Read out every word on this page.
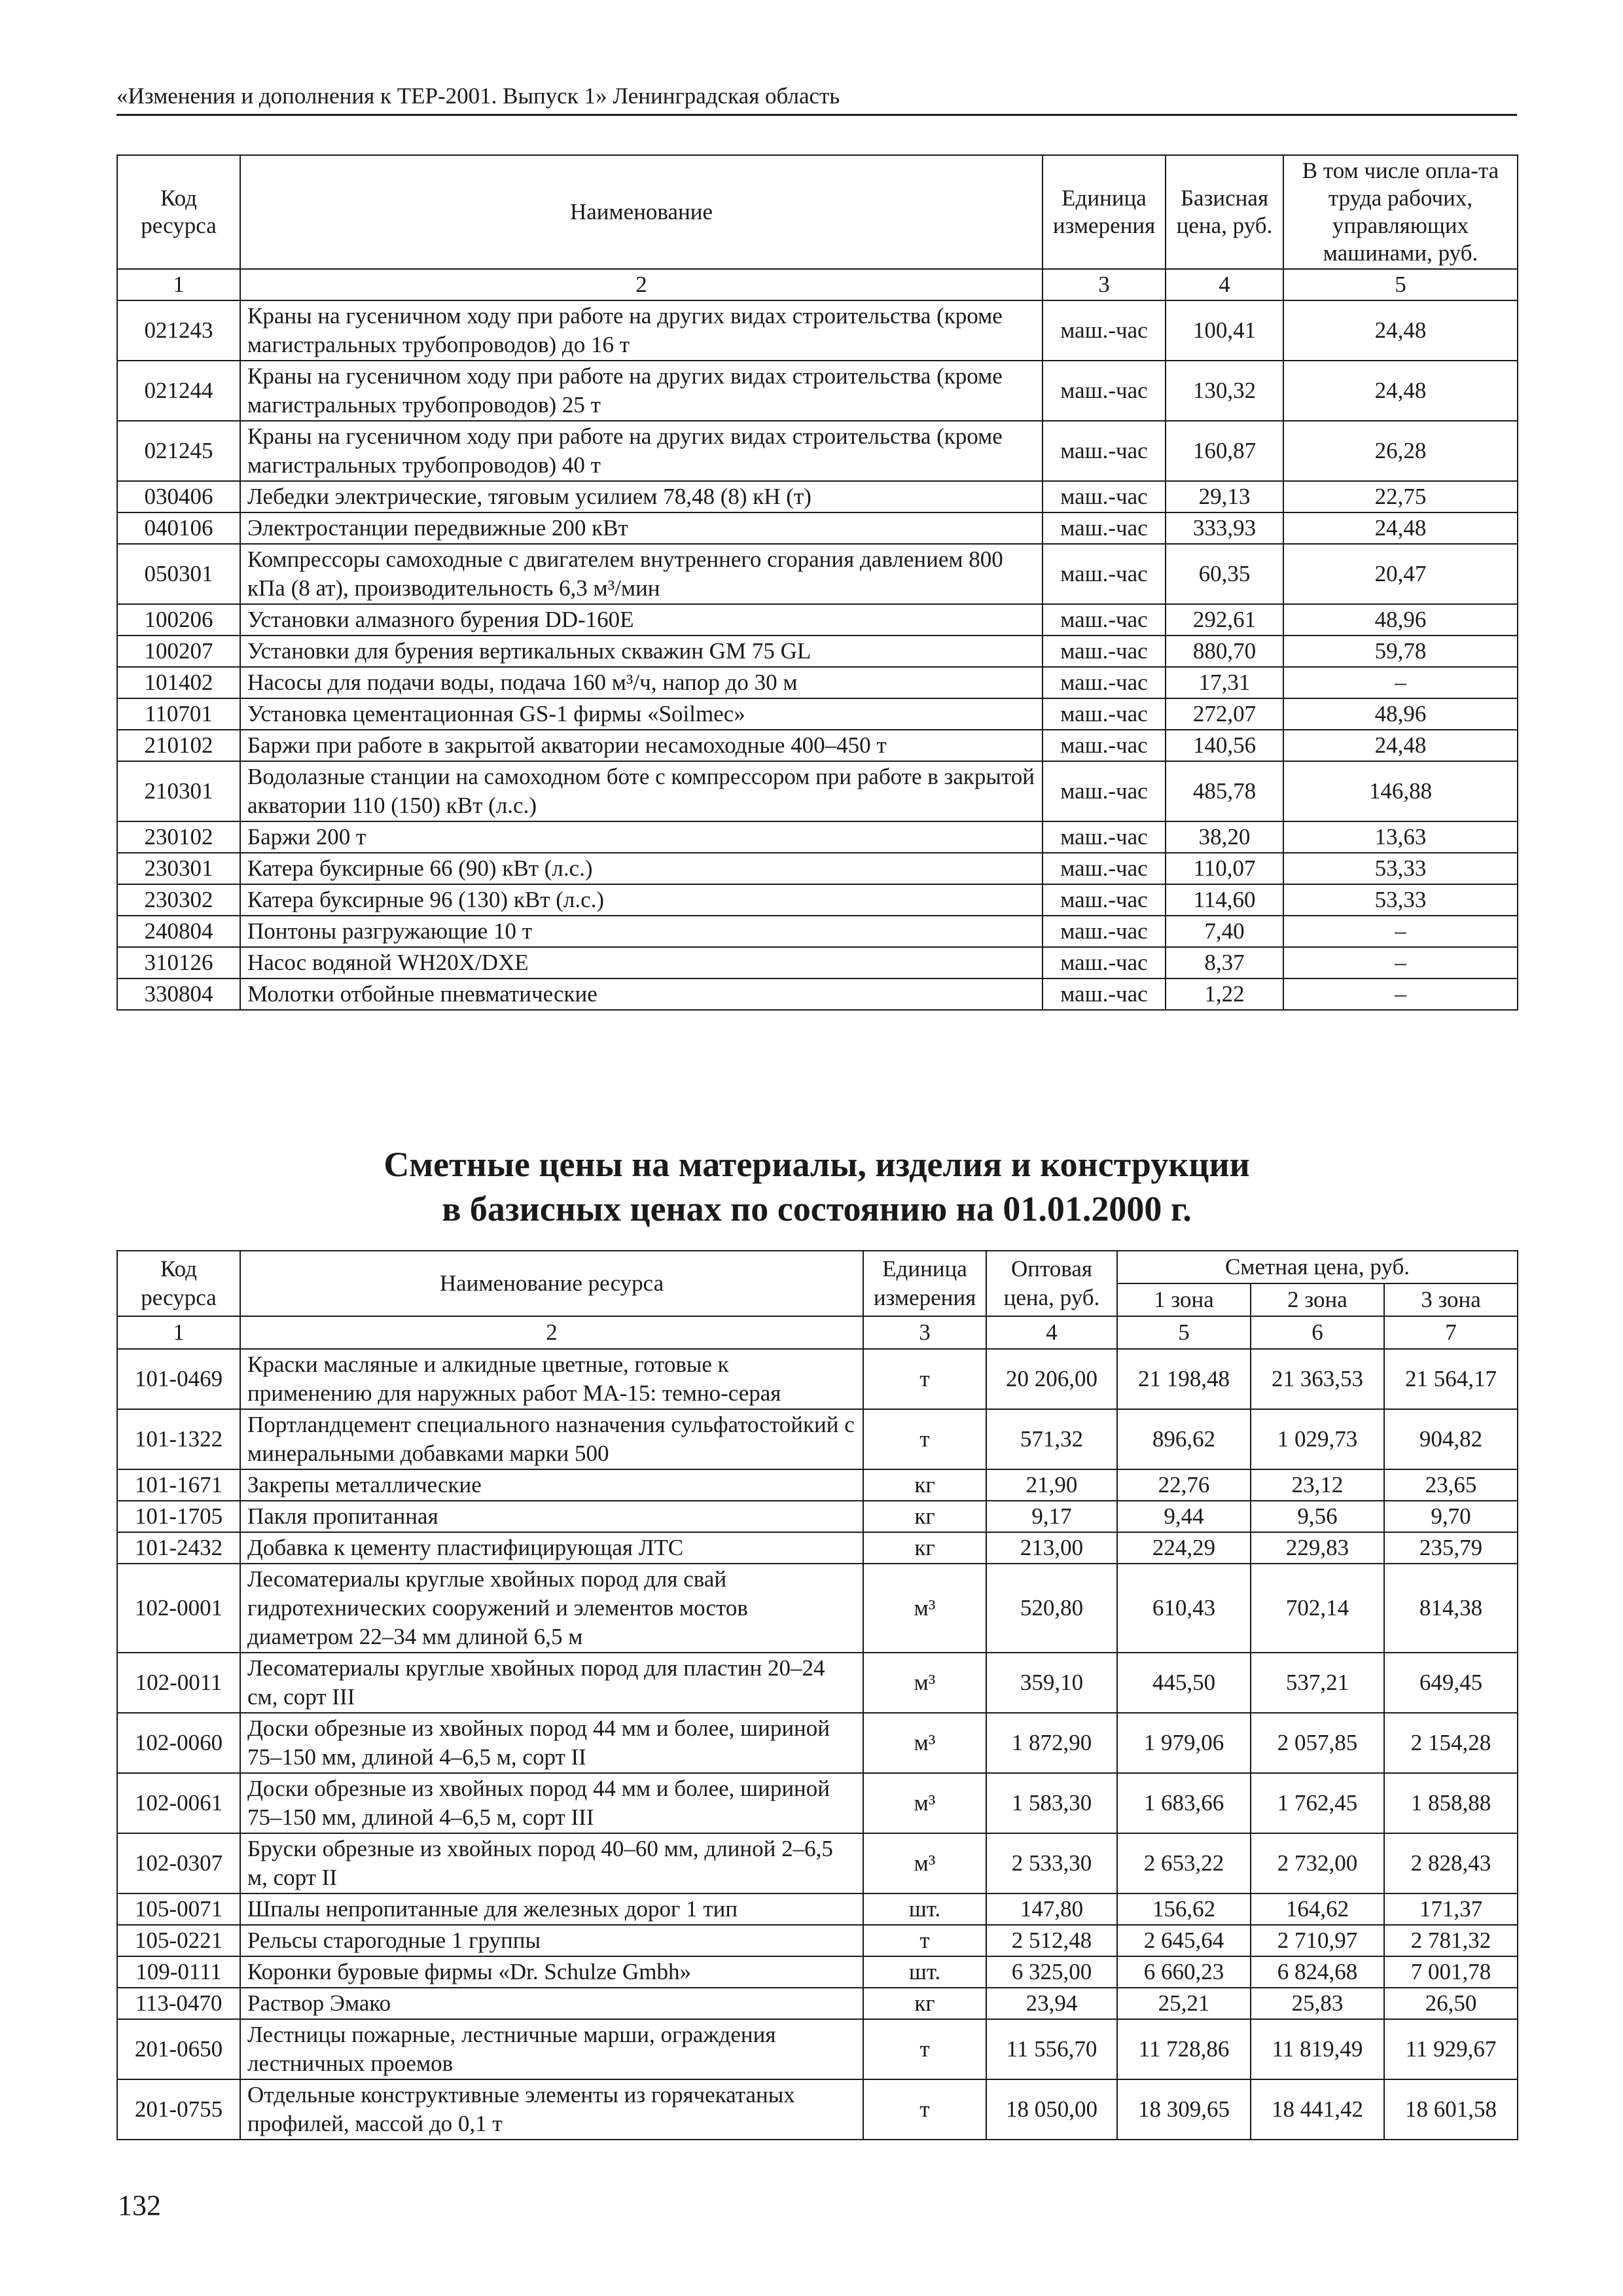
«Изменения и дополнения к ТЕР-2001. Выпуск 1» Ленинградская область
Код ресурса	Наименование	Единица измерения	Базисная цена, руб.	В том числе опла-та труда рабочих, управляющих машинами, руб.
1	2	3	4	5
021243	Краны на гусеничном ходу при работе на других видах строительства (кроме магистральных трубопроводов) до 16 т	маш.-час	100,41	24,48
021244	Краны на гусеничном ходу при работе на других видах строительства (кроме магистральных трубопроводов) 25 т	маш.-час	130,32	24,48
021245	Краны на гусеничном ходу при работе на других видах строительства (кроме магистральных трубопроводов) 40 т	маш.-час	160,87	26,28
030406	Лебедки электрические, тяговым усилием 78,48 (8) кН (т)	маш.-час	29,13	22,75
040106	Электростанции передвижные 200 кВт	маш.-час	333,93	24,48
050301	Компрессоры самоходные с двигателем внутреннего сгорания давлением 800 кПа (8 ат), производительность 6,3 м³/мин	маш.-час	60,35	20,47
100206	Установки алмазного бурения DD-160E	маш.-час	292,61	48,96
100207	Установки для бурения вертикальных скважин GM 75 GL	маш.-час	880,70	59,78
101402	Насосы для подачи воды, подача 160 м³/ч, напор до 30 м	маш.-час	17,31	–
110701	Установка цементационная GS-1 фирмы «Soilmec»	маш.-час	272,07	48,96
210102	Баржи при работе в закрытой акватории несамоходные 400–450 т	маш.-час	140,56	24,48
210301	Водолазные станции на самоходном боте с компрессором при работе в закрытой акватории 110 (150) кВт (л.с.)	маш.-час	485,78	146,88
230102	Баржи 200 т	маш.-час	38,20	13,63
230301	Катера буксирные 66 (90) кВт (л.с.)	маш.-час	110,07	53,33
230302	Катера буксирные 96 (130) кВт (л.с.)	маш.-час	114,60	53,33
240804	Понтоны разгружающие 10 т	маш.-час	7,40	–
310126	Насос водяной WH20X/DXE	маш.-час	8,37	–
330804	Молотки отбойные пневматические	маш.-час	1,22	–
Сметные цены на материалы, изделия и конструкции
в базисных ценах по состоянию на 01.01.2000 г.
Код ресурса	Наименование ресурса	Единица измерения	Оптовая цена, руб.	Сметная цена, руб.		
				1 зона	2 зона	3 зона
1	2	3	4	5	6	7
101-0469	Краски масляные и алкидные цветные, готовые к применению для наружных работ МА-15: темно-серая	т	20 206,00	21 198,48	21 363,53	21 564,17
101-1322	Портландцемент специального назначения сульфатостойкий с минеральными добавками марки 500	т	571,32	896,62	1 029,73	904,82
101-1671	Закрепы металлические	кг	21,90	22,76	23,12	23,65
101-1705	Пакля пропитанная	кг	9,17	9,44	9,56	9,70
101-2432	Добавка к цементу пластифицирующая ЛТС	кг	213,00	224,29	229,83	235,79
102-0001	Лесоматериалы круглые хвойных пород для свай гидротехнических сооружений и элементов мостов диаметром 22–34 мм длиной 6,5 м	м³	520,80	610,43	702,14	814,38
102-0011	Лесоматериалы круглые хвойных пород для пластин 20–24 см, сорт III	м³	359,10	445,50	537,21	649,45
102-0060	Доски обрезные из хвойных пород 44 мм и более, шириной 75–150 мм, длиной 4–6,5 м, сорт II	м³	1 872,90	1 979,06	2 057,85	2 154,28
102-0061	Доски обрезные из хвойных пород 44 мм и более, шириной 75–150 мм, длиной 4–6,5 м, сорт III	м³	1 583,30	1 683,66	1 762,45	1 858,88
102-0307	Бруски обрезные из хвойных пород 40–60 мм, длиной 2–6,5 м, сорт II	м³	2 533,30	2 653,22	2 732,00	2 828,43
105-0071	Шпалы непропитанные для железных дорог 1 тип	шт.	147,80	156,62	164,62	171,37
105-0221	Рельсы старогодные 1 группы	т	2 512,48	2 645,64	2 710,97	2 781,32
109-0111	Коронки буровые фирмы «Dr. Schulze Gmbh»	шт.	6 325,00	6 660,23	6 824,68	7 001,78
113-0470	Раствор Эмако	кг	23,94	25,21	25,83	26,50
201-0650	Лестницы пожарные, лестничные марши, ограждения лестничных проемов	т	11 556,70	11 728,86	11 819,49	11 929,67
201-0755	Отдельные конструктивные элементы из горячекатаных профилей, массой до 0,1 т	т	18 050,00	18 309,65	18 441,42	18 601,58
132
